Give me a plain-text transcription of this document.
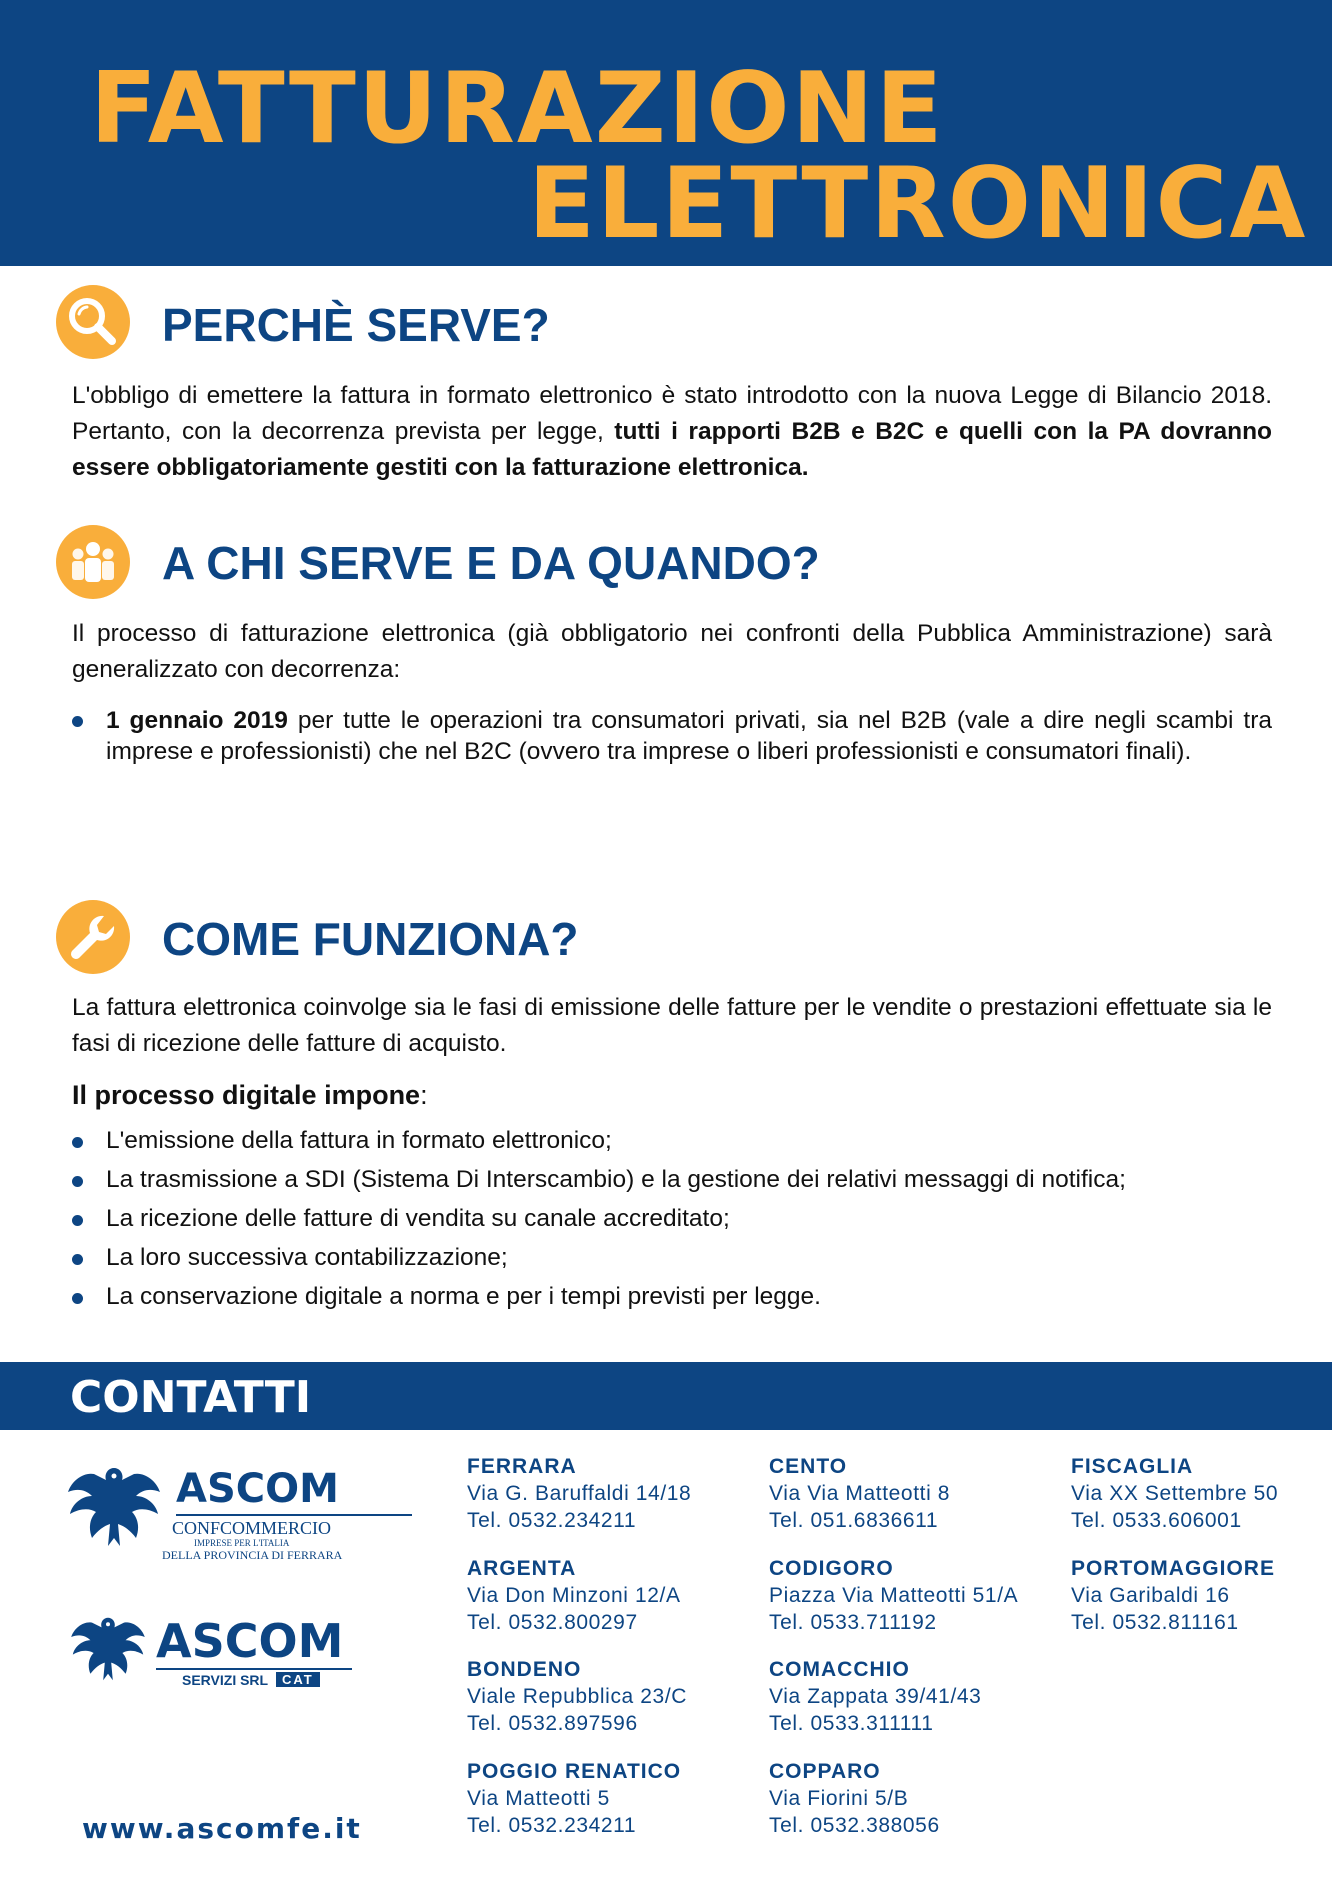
FATTURAZIONE
ELETTRONICA
PERCHÈ SERVE?
L'obbligo di emettere la fattura in formato elettronico è stato introdotto con la nuova Legge di Bilancio 2018. Pertanto, con la decorrenza prevista per legge, tutti i rapporti B2B e B2C e quelli con la PA dovranno essere obbligatoriamente gestiti con la fatturazione elettronica.
A CHI SERVE E DA QUANDO?
Il processo di fatturazione elettronica (già obbligatorio nei confronti della Pubblica Amministrazione) sarà generalizzato con decorrenza:
1 gennaio 2019 per tutte le operazioni tra consumatori privati, sia nel B2B (vale a dire negli scambi tra imprese e professionisti) che nel B2C (ovvero tra imprese o liberi professionisti e consumatori finali).
COME FUNZIONA?
La fattura elettronica coinvolge sia le fasi di emissione delle fatture per le vendite o prestazioni effettuate sia le fasi di ricezione delle fatture di acquisto.
Il processo digitale impone:
L'emissione della fattura in formato elettronico;
La trasmissione a SDI (Sistema Di Interscambio) e la gestione dei relativi messaggi di notifica;
La ricezione delle fatture di vendita su canale accreditato;
La loro successiva contabilizzazione;
La conservazione digitale a norma e per i tempi previsti per legge.
CONTATTI
ASCOM
CONFCOMMERCIO
IMPRESE PER L'ITALIA
DELLA PROVINCIA DI FERRARA
ASCOM
SERVIZI SRL	CAT
www.ascomfe.it
FERRARA
Via G. Baruffaldi 14/18
Tel. 0532.234211
CENTO
Via Via Matteotti 8
Tel. 051.6836611
FISCAGLIA
Via XX Settembre 50
Tel. 0533.606001
ARGENTA
Via Don Minzoni 12/A
Tel. 0532.800297
CODIGORO
Piazza Via Matteotti 51/A
Tel. 0533.711192
PORTOMAGGIORE
Via Garibaldi 16
Tel. 0532.811161
BONDENO
Viale Repubblica 23/C
Tel. 0532.897596
COMACCHIO
Via Zappata 39/41/43
Tel. 0533.311111
POGGIO RENATICO
Via Matteotti 5
Tel. 0532.234211
COPPARO
Via Fiorini 5/B
Tel. 0532.388056
